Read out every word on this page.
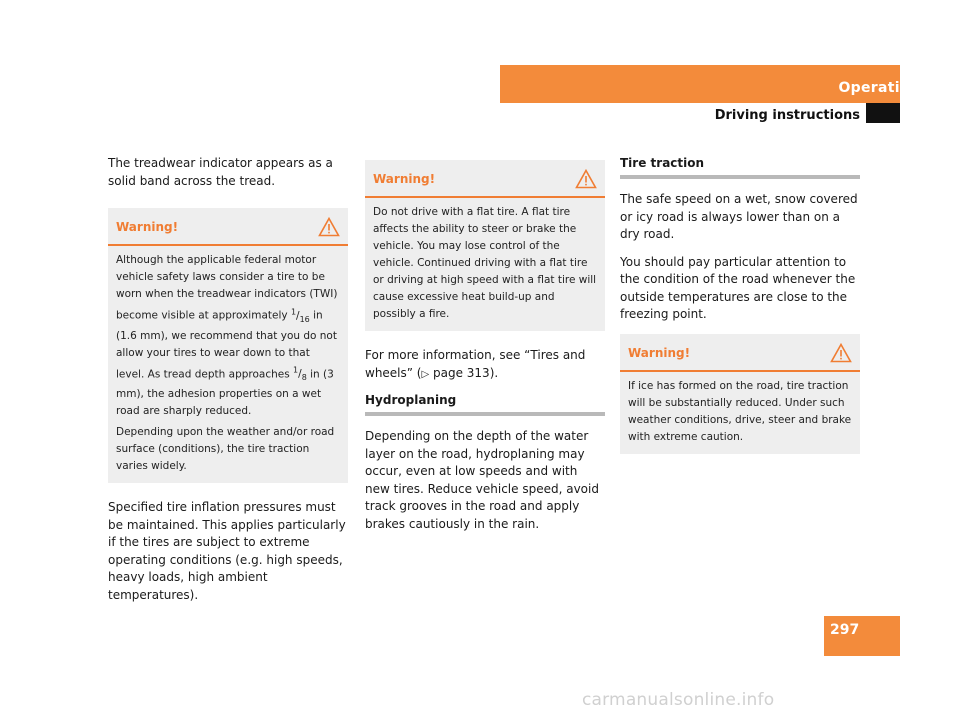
Operation
Driving instructions

The treadwear indicator appears as a solid band across the tread.

Warning!

Although the applicable federal motor vehicle safety laws consider a tire to be worn when the treadwear indicators (TWI) become visible at approximately $^1/_{16}$ in (1.6 mm), we recommend that you do not allow your tires to wear down to that level. As tread depth approaches $^1/_8$ in (3 mm), the adhesion properties on a wet road are sharply reduced.

Depending upon the weather and/or road surface (conditions), the tire traction varies widely.

Specified tire inflation pressures must be maintained. This applies particularly if the tires are subject to extreme operating conditions (e.g. high speeds, heavy loads, high ambient temperatures).

Warning!

Do not drive with a flat tire. A flat tire affects the ability to steer or brake the vehicle. You may lose control of the vehicle. Continued driving with a flat tire or driving at high speed with a flat tire will cause excessive heat build-up and possibly a fire.

For more information, see “Tires and wheels” (▷ page 313).

Hydroplaning

Depending on the depth of the water layer on the road, hydroplaning may occur, even at low speeds and with new tires. Reduce vehicle speed, avoid track grooves in the road and apply brakes cautiously in the rain.

Tire traction

The safe speed on a wet, snow covered or icy road is always lower than on a dry road.

You should pay particular attention to the condition of the road whenever the outside temperatures are close to the freezing point.

Warning!

If ice has formed on the road, tire traction will be substantially reduced. Under such weather conditions, drive, steer and brake with extreme caution.

297
carmanualsonline.info
